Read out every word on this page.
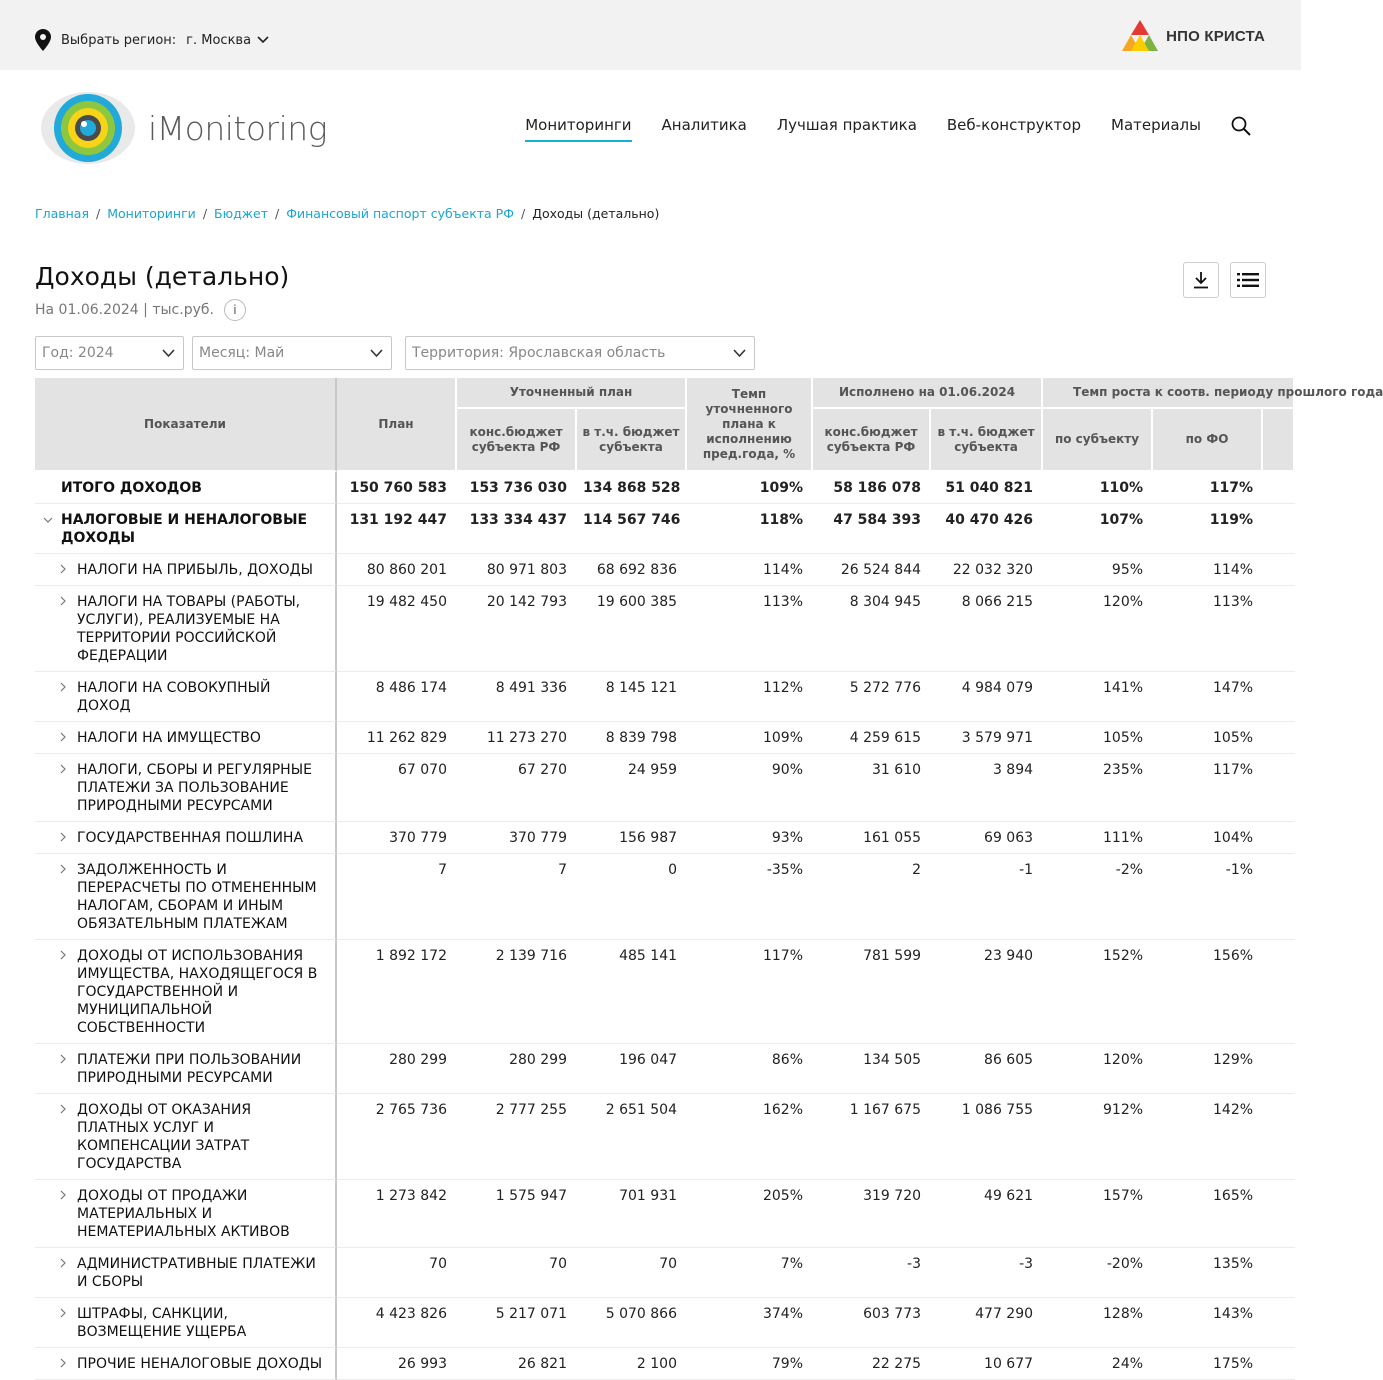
Выбрать регион: г. Москва	НПО КРИСТА
iMonitoring	Мониторинги Аналитика Лучшая практика Веб-конструктор Материалы
Главная / Мониторинги / Бюджет / Финансовый паспорт субъекта РФ / Доходы (детально)
Доходы (детально)
На 01.06.2024 | тыс.руб.	i
Год: 2024	Месяц: Май	Территория: Ярославская область
Показатели	План	Уточненный план		Темп уточненного плана к исполнению пред.года, %	Исполнено на 01.06.2024		Темп роста к соотв. периоду прошлого года		
		конс.бюджет субъекта РФ	в т.ч. бюджет субъекта		конс.бюджет субъекта РФ	в т.ч. бюджет субъекта	по субъекту	по ФО	

ИТОГО ДОХОДОВ	150 760 583	153 736 030	134 868 528	109%	58 186 078	51 040 821	110%	117%	

НАЛОГОВЫЕ И НЕНАЛОГОВЫЕ ДОХОДЫ	131 192 447	133 334 437	114 567 746	118%	47 584 393	40 470 426	107%	119%	

НАЛОГИ НА ПРИБЫЛЬ, ДОХОДЫ	80 860 201	80 971 803	68 692 836	114%	26 524 844	22 032 320	95%	114%	

НАЛОГИ НА ТОВАРЫ (РАБОТЫ, УСЛУГИ), РЕАЛИЗУЕМЫЕ НА ТЕРРИТОРИИ РОССИЙСКОЙ ФЕДЕРАЦИИ	19 482 450	20 142 793	19 600 385	113%	8 304 945	8 066 215	120%	113%	

НАЛОГИ НА СОВОКУПНЫЙ ДОХОД	8 486 174	8 491 336	8 145 121	112%	5 272 776	4 984 079	141%	147%	

НАЛОГИ НА ИМУЩЕСТВО	11 262 829	11 273 270	8 839 798	109%	4 259 615	3 579 971	105%	105%	

НАЛОГИ, СБОРЫ И РЕГУЛЯРНЫЕ ПЛАТЕЖИ ЗА ПОЛЬЗОВАНИЕ ПРИРОДНЫМИ РЕСУРСАМИ	67 070	67 270	24 959	90%	31 610	3 894	235%	117%	

ГОСУДАРСТВЕННАЯ ПОШЛИНА	370 779	370 779	156 987	93%	161 055	69 063	111%	104%	

ЗАДОЛЖЕННОСТЬ И ПЕРЕРАСЧЕТЫ ПО ОТМЕНЕННЫМ НАЛОГАМ, СБОРАМ И ИНЫМ ОБЯЗАТЕЛЬНЫМ ПЛАТЕЖАМ	7	7	0	-35%	2	-1	-2%	-1%	

ДОХОДЫ ОТ ИСПОЛЬЗОВАНИЯ ИМУЩЕСТВА, НАХОДЯЩЕГОСЯ В ГОСУДАРСТВЕННОЙ И МУНИЦИПАЛЬНОЙ СОБСТВЕННОСТИ	1 892 172	2 139 716	485 141	117%	781 599	23 940	152%	156%	

ПЛАТЕЖИ ПРИ ПОЛЬЗОВАНИИ ПРИРОДНЫМИ РЕСУРСАМИ	280 299	280 299	196 047	86%	134 505	86 605	120%	129%	

ДОХОДЫ ОТ ОКАЗАНИЯ ПЛАТНЫХ УСЛУГ И КОМПЕНСАЦИИ ЗАТРАТ ГОСУДАРСТВА	2 765 736	2 777 255	2 651 504	162%	1 167 675	1 086 755	912%	142%	

ДОХОДЫ ОТ ПРОДАЖИ МАТЕРИАЛЬНЫХ И НЕМАТЕРИАЛЬНЫХ АКТИВОВ	1 273 842	1 575 947	701 931	205%	319 720	49 621	157%	165%	

АДМИНИСТРАТИВНЫЕ ПЛАТЕЖИ И СБОРЫ	70	70	70	7%	-3	-3	-20%	135%	

ШТРАФЫ, САНКЦИИ, ВОЗМЕЩЕНИЕ УЩЕРБА	4 423 826	5 217 071	5 070 866	374%	603 773	477 290	128%	143%	

ПРОЧИЕ НЕНАЛОГОВЫЕ ДОХОДЫ	26 993	26 821	2 100	79%	22 275	10 677	24%	175%	
